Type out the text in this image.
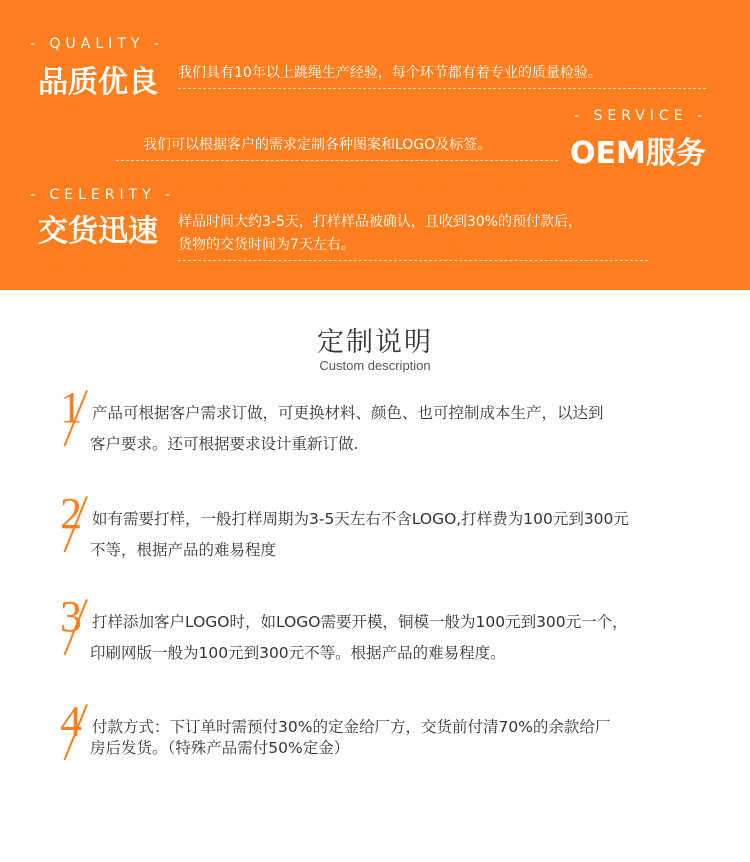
- QUALITY -
品质优良 我们具有10年以上跳绳生产经验，每个环节都有着专业的质量检验。
- SERVICE -
OEM服务
我们可以根据客户的需求定制各种图案和LOGO及标签。
- CELERITY -
交货迅速 样品时间大约3-5天，打样样品被确认，且收到30%的预付款后，
货物的交货时间为7天左右。
定制说明
Custom description
1 产品可根据客户需求订做，可更换材料、颜色、也可控制成本生产，以达到
客户要求。还可根据要求设计重新订做.
2 如有需要打样，一般打样周期为3-5天左右不含LOGO,打样费为100元到300元
不等，根据产品的难易程度
3 打样添加客户LOGO时，如LOGO需要开模，铜模一般为100元到300元一个，
印刷网版一般为100元到300元不等。根据产品的难易程度。
4 付款方式：下订单时需预付30%的定金给厂方，交货前付清70%的余款给厂
房后发货。（特殊产品需付50%定金）
